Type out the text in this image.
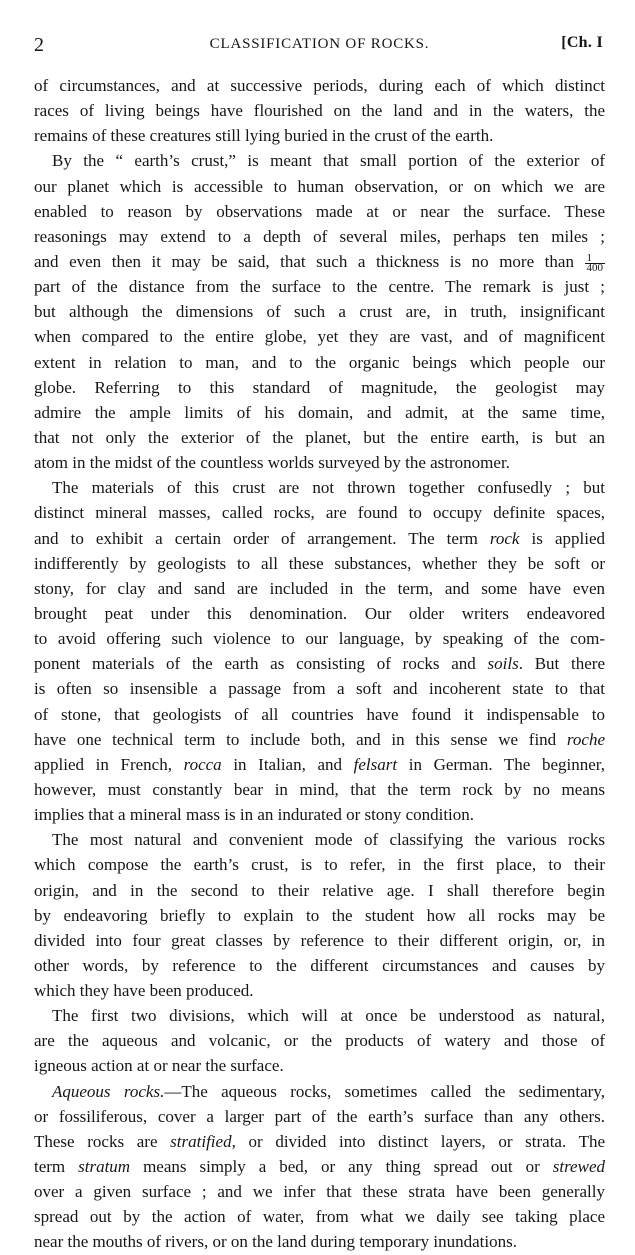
2	CLASSIFICATION OF ROCKS.	[Ch. I
of circumstances, and at successive periods, during each of which distinct
races of living beings have flourished on the land and in the waters, the
remains of these creatures still lying buried in the crust of the earth.
By the “ earth’s crust,” is meant that small portion of the exterior of
our planet which is accessible to human observation, or on which we are
enabled to reason by observations made at or near the surface. These
reasonings may extend to a depth of several miles, perhaps ten miles ;
and even then it may be said, that such a thickness is no more than $\frac{1}{400}$
part of the distance from the surface to the centre. The remark is just ;
but although the dimensions of such a crust are, in truth, insignificant
when compared to the entire globe, yet they are vast, and of magnificent
extent in relation to man, and to the organic beings which people our
globe. Referring to this standard of magnitude, the geologist may
admire the ample limits of his domain, and admit, at the same time,
that not only the exterior of the planet, but the entire earth, is but an
atom in the midst of the countless worlds surveyed by the astronomer.
The materials of this crust are not thrown together confusedly ; but
distinct mineral masses, called rocks, are found to occupy definite spaces,
and to exhibit a certain order of arrangement. The term rock is applied
indifferently by geologists to all these substances, whether they be soft or
stony, for clay and sand are included in the term, and some have even
brought peat under this denomination. Our older writers endeavored
to avoid offering such violence to our language, by speaking of the com-
ponent materials of the earth as consisting of rocks and soils. But there
is often so insensible a passage from a soft and incoherent state to that
of stone, that geologists of all countries have found it indispensable to
have one technical term to include both, and in this sense we find roche
applied in French, rocca in Italian, and felsart in German. The beginner,
however, must constantly bear in mind, that the term rock by no means
implies that a mineral mass is in an indurated or stony condition.
The most natural and convenient mode of classifying the various rocks
which compose the earth’s crust, is to refer, in the first place, to their
origin, and in the second to their relative age. I shall therefore begin
by endeavoring briefly to explain to the student how all rocks may be
divided into four great classes by reference to their different origin, or, in
other words, by reference to the different circumstances and causes by
which they have been produced.
The first two divisions, which will at once be understood as natural,
are the aqueous and volcanic, or the products of watery and those of
igneous action at or near the surface.
Aqueous rocks.—The aqueous rocks, sometimes called the sedimentary,
or fossiliferous, cover a larger part of the earth’s surface than any others.
These rocks are stratified, or divided into distinct layers, or strata. The
term stratum means simply a bed, or any thing spread out or strewed
over a given surface ; and we infer that these strata have been generally
spread out by the action of water, from what we daily see taking place
near the mouths of rivers, or on the land during temporary inundations.
